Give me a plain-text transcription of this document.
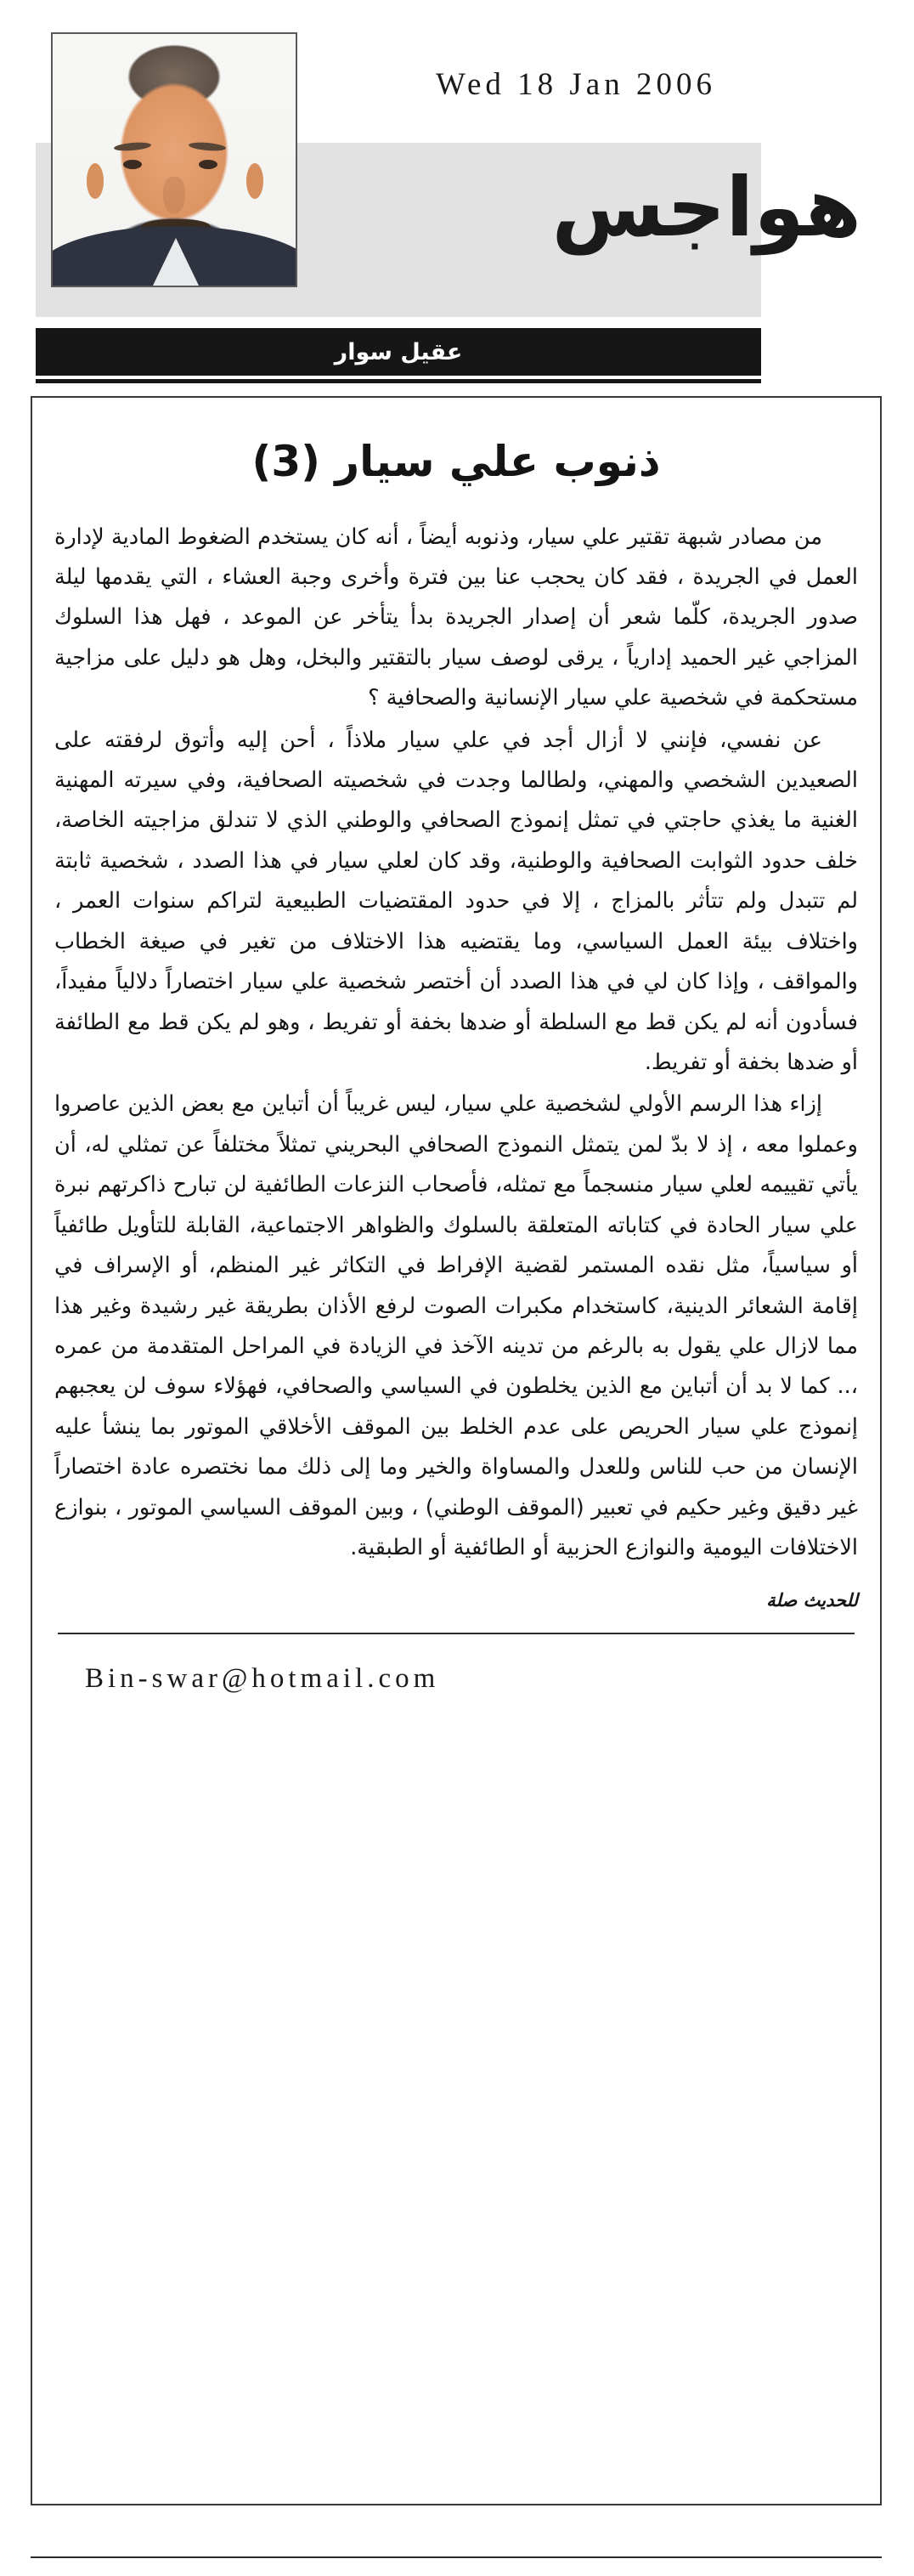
Wed 18 Jan 2006
هواجس
عقيل سوار
ذنوب علي سيار (3)

من مصادر شبهة تقتير علي سيار، وذنوبه أيضاً ، أنه كان يستخدم الضغوط المادية لإدارة العمل في الجريدة ، فقد كان يحجب عنا بين فترة وأخرى وجبة العشاء ، التي يقدمها ليلة صدور الجريدة، كلّما شعر أن إصدار الجريدة بدأ يتأخر عن الموعد ، فهل هذا السلوك المزاجي غير الحميد إدارياً ، يرقى لوصف سيار بالتقتير والبخل، وهل هو دليل على مزاجية مستحكمة في شخصية علي سيار الإنسانية والصحافية ؟

عن نفسي، فإنني لا أزال أجد في علي سيار ملاذاً ، أحن إليه وأتوق لرفقته على الصعيدين الشخصي والمهني، ولطالما وجدت في شخصيته الصحافية، وفي سيرته المهنية الغنية ما يغذي حاجتي في تمثل إنموذج الصحافي والوطني الذي لا تندلق مزاجيته الخاصة، خلف حدود الثوابت الصحافية والوطنية، وقد كان لعلي سيار في هذا الصدد ، شخصية ثابتة لم تتبدل ولم تتأثر بالمزاج ، إلا في حدود المقتضيات الطبيعية لتراكم سنوات العمر ، واختلاف بيئة العمل السياسي، وما يقتضيه هذا الاختلاف من تغير في صيغة الخطاب والمواقف ، وإذا كان لي في هذا الصدد أن أختصر شخصية علي سيار اختصاراً دلالياً مفيداً، فسأدون أنه لم يكن قط مع السلطة أو ضدها بخفة أو تفريط ، وهو لم يكن قط مع الطائفة أو ضدها بخفة أو تفريط.

إزاء هذا الرسم الأولي لشخصية علي سيار، ليس غريباً أن أتباين مع بعض الذين عاصروا وعملوا معه ، إذ لا بدّ لمن يتمثل النموذج الصحافي البحريني تمثلاً مختلفاً عن تمثلي له، أن يأتي تقييمه لعلي سيار منسجماً مع تمثله، فأصحاب النزعات الطائفية لن تبارح ذاكرتهم نبرة علي سيار الحادة في كتاباته المتعلقة بالسلوك والظواهر الاجتماعية، القابلة للتأويل طائفياً أو سياسياً، مثل نقده المستمر لقضية الإفراط في التكاثر غير المنظم، أو الإسراف في إقامة الشعائر الدينية، كاستخدام مكبرات الصوت لرفع الأذان بطريقة غير رشيدة وغير هذا مما لازال علي يقول به بالرغم من تدينه الآخذ في الزيادة في المراحل المتقدمة من عمره ،.. كما لا بد أن أتباين مع الذين يخلطون في السياسي والصحافي، فهؤلاء سوف لن يعجبهم إنموذج علي سيار الحريص على عدم الخلط بين الموقف الأخلاقي الموتور بما ينشأ عليه الإنسان من حب للناس وللعدل والمساواة والخير وما إلى ذلك مما نختصره عادة اختصاراً غير دقيق وغير حكيم في تعبير (الموقف الوطني) ، وبين الموقف السياسي الموتور ، بنوازع الاختلافات اليومية والنوازع الحزبية أو الطائفية أو الطبقية.

للحديث صلة
Bin-swar@hotmail.com
